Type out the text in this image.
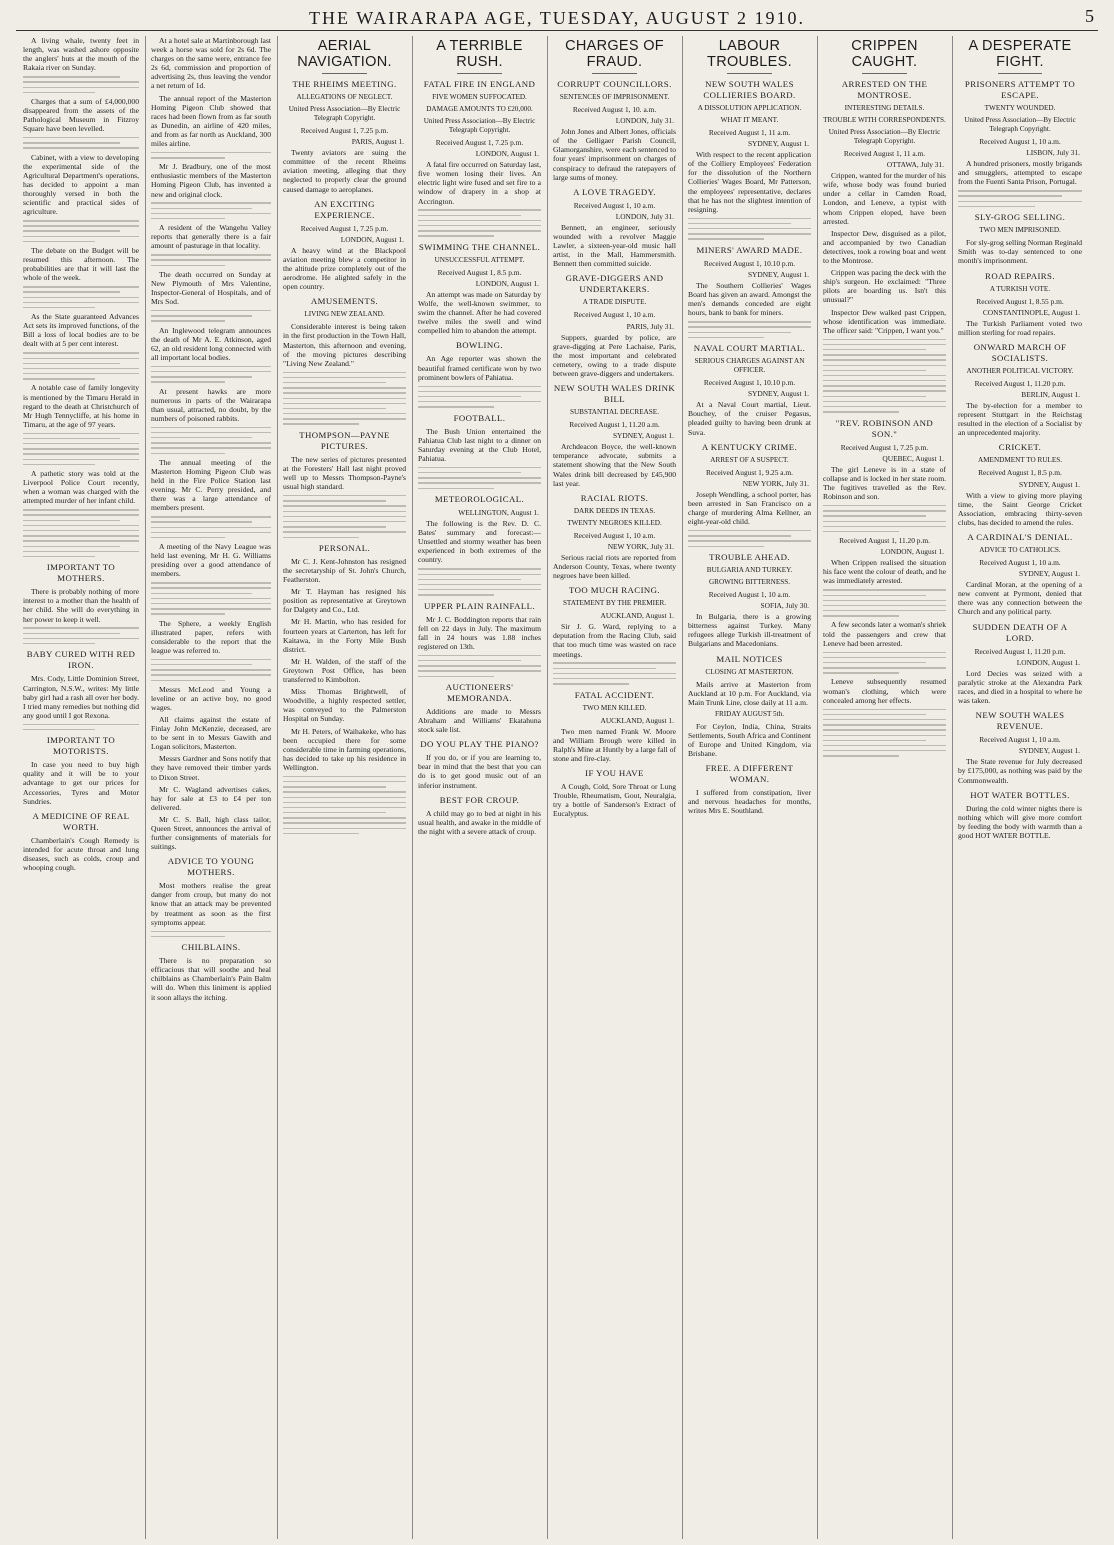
THE WAIRARAPA AGE, TUESDAY, AUGUST 2 1910.	5

A living whale, twenty feet in length, was washed ashore opposite the anglers' huts at the mouth of the Rakaia river on Sunday.

Charges that a sum of £4,000,000 disappeared from the assets of the Pathological Museum in Fitzroy Square have been levelled.

Cabinet, with a view to developing the experimental side of the Agricultural Department's operations, has decided to appoint a man thoroughly versed in both the scientific and practical sides of agriculture.

The debate on the Budget will be resumed this afternoon. The probabilities are that it will last the whole of the week.

As the State guaranteed Advances Act sets its improved functions, of the Bill a loss of local bodies are to be dealt with at 5 per cent interest.

A notable case of family longevity is mentioned by the Timaru Herald in regard to the death at Christchurch of Mr Hugh Tennycliffe, at his home in Timaru, at the age of 97 years.

A pathetic story was told at the Liverpool Police Court recently, when a woman was charged with the attempted murder of her infant child.

IMPORTANT TO MOTHERS.

There is probably nothing of more interest to a mother than the health of her child. She will do everything in her power to keep it well.

BABY CURED WITH RED IRON.

Mrs. Cody, Little Dominion Street, Carrington, N.S.W., writes: My little baby girl had a rash all over her body. I tried many remedies but nothing did any good until I got Rexona.

IMPORTANT TO MOTORISTS.

In case you need to buy high quality and it will be to your advantage to get our prices for Accessories, Tyres and Motor Sundries.

A MEDICINE OF REAL WORTH.

Chamberlain's Cough Remedy is intended for acute throat and lung diseases, such as colds, croup and whooping cough.

At a hotel sale at Martinborough last week a horse was sold for 2s 6d. The charges on the same were, entrance fee 2s 6d, commission and proportion of advertising 2s, thus leaving the vendor a net return of 1d.

The annual report of the Masterton Homing Pigeon Club showed that races had been flown from as far south as Dunedin, an airline of 420 miles, and from as far north as Auckland, 300 miles airline.

Mr J. Bradbury, one of the most enthusiastic members of the Masterton Homing Pigeon Club, has invented a new and original clock.

A resident of the Wangehu Valley reports that generally there is a fair amount of pasturage in that locality.

The death occurred on Sunday at New Plymouth of Mrs Valentine, Inspector-General of Hospitals, and of Mrs Sod.

An Inglewood telegram announces the death of Mr A. E. Atkinson, aged 62, an old resident long connected with all important local bodies.

At present hawks are more numerous in parts of the Wairarapa than usual, attracted, no doubt, by the numbers of poisoned rabbits.

The annual meeting of the Masterton Homing Pigeon Club was held in the Fire Police Station last evening. Mr C. Perry presided, and there was a large attendance of members present.

A meeting of the Navy League was held last evening, Mr H. G. Williams presiding over a good attendance of members.

The Sphere, a weekly English illustrated paper, refers with considerable to the report that the league was referred to.

Messrs McLeod and Young a leveline or an active boy, no good wages.

All claims against the estate of Finlay John McKenzie, deceased, are to be sent in to Messrs Gawith and Logan solicitors, Masterton.

Messrs Gardner and Sons notify that they have removed their timber yards to Dixon Street.

Mr C. Wagland advertises cakes, hay for sale at £3 to £4 per ton delivered.

Mr C. S. Ball, high class tailor, Queen Street, announces the arrival of further consignments of materials for suitings.

ADVICE TO YOUNG MOTHERS.

Most mothers realise the great danger from croup, but many do not know that an attack may be prevented by treatment as soon as the first symptoms appear.

CHILBLAINS.

There is no preparation so efficacious that will soothe and heal chilblains as Chamberlain's Pain Balm will do. When this liniment is applied it soon allays the itching.

AERIAL NAVIGATION.
THE RHEIMS MEETING.
ALLEGATIONS OF NEGLECT.
United Press Association—By Electric Telegraph Copyright.
Received August 1, 7.25 p.m.
PARIS, August 1.

Twenty aviators are suing the committee of the recent Rheims aviation meeting, alleging that they neglected to properly clear the ground caused damage to aeroplanes.

AN EXCITING EXPERIENCE.
Received August 1, 7.25 p.m.
LONDON, August 1.

A heavy wind at the Blackpool aviation meeting blew a competitor in the altitude prize completely out of the aerodrome. He alighted safely in the open country.

AMUSEMENTS.
LIVING NEW ZEALAND.

Considerable interest is being taken in the first production in the Town Hall, Masterton, this afternoon and evening, of the moving pictures describing "Living New Zealand."

THOMPSON—PAYNE PICTURES.

The new series of pictures presented at the Foresters' Hall last night proved well up to Messrs Thompson-Payne's usual high standard.

PERSONAL.

Mr C. J. Kent-Johnston has resigned the secretaryship of St. John's Church, Featherston.

Mr T. Hayman has resigned his position as representative at Greytown for Dalgety and Co., Ltd.

Mr H. Martin, who has resided for fourteen years at Carterton, has left for Kaitawa, in the Forty Mile Bush district.

Mr H. Walden, of the staff of the Greytown Post Office, has been transferred to Kimbolton.

Miss Thomas Brightwell, of Woodville, a highly respected settler, was conveyed to the Palmerston Hospital on Sunday.

Mr H. Peters, of Waihakeke, who has been occupied there for some considerable time in farming operations, has decided to take up his residence in Wellington.

A TERRIBLE RUSH.
FATAL FIRE IN ENGLAND
FIVE WOMEN SUFFOCATED.
DAMAGE AMOUNTS TO £20,000.
United Press Association—By Electric Telegraph Copyright.
Received August 1, 7.25 p.m.
LONDON, August 1.

A fatal fire occurred on Saturday last, five women losing their lives. An electric light wire fused and set fire to a window of drapery in a shop at Accrington.

SWIMMING THE CHANNEL.
UNSUCCESSFUL ATTEMPT.
Received August 1, 8.5 p.m.
LONDON, August 1.

An attempt was made on Saturday by Wolfe, the well-known swimmer, to swim the channel. After he had covered twelve miles the swell and wind compelled him to abandon the attempt.

BOWLING.

An Age reporter was shown the beautiful framed certificate won by two prominent bowlers of Pahiatua.

FOOTBALL.

The Bush Union entertained the Pahiatua Club last night to a dinner on Saturday evening at the Club Hotel, Pahiatua.

METEOROLOGICAL.
WELLINGTON, August 1.

The following is the Rev. D. C. Bates' summary and forecast:—Unsettled and stormy weather has been experienced in both extremes of the country.

UPPER PLAIN RAINFALL.

Mr J. C. Boddington reports that rain fell on 22 days in July. The maximum fall in 24 hours was 1.88 inches registered on 13th.

AUCTIONEERS' MEMORANDA.

Additions are made to Messrs Abraham and Williams' Ekatahuna stock sale list.

DO YOU PLAY THE PIANO?

If you do, or if you are learning to, bear in mind that the best that you can do is to get good music out of an inferior instrument.

BEST FOR CROUP.

A child may go to bed at night in his usual health, and awake in the middle of the night with a severe attack of croup.

CHARGES OF FRAUD.
CORRUPT COUNCILLORS.
SENTENCES OF IMPRISONMENT.
Received August 1, 10. a.m.
LONDON, July 31.

John Jones and Albert Jones, officials of the Gelligaer Parish Council, Glamorganshire, were each sentenced to four years' imprisonment on charges of conspiracy to defraud the ratepayers of large sums of money.

A LOVE TRAGEDY.
Received August 1, 10 a.m.
LONDON, July 31.

Bennett, an engineer, seriously wounded with a revolver Maggie Lawler, a sixteen-year-old music hall artist, in the Mall, Hammersmith. Bennett then committed suicide.

GRAVE-DIGGERS AND UNDERTAKERS.
A TRADE DISPUTE.
Received August 1, 10 a.m.
PARIS, July 31.

Suppers, guarded by police, are grave-digging at Pere Lachaise, Paris, the most important and celebrated cemetery, owing to a trade dispute between grave-diggers and undertakers.

NEW SOUTH WALES DRINK BILL
SUBSTANTIAL DECREASE.
Received August 1, 11.20 a.m.
SYDNEY, August 1.

Archdeacon Boyce, the well-known temperance advocate, submits a statement showing that the New South Wales drink bill decreased by £45,900 last year.

RACIAL RIOTS.
DARK DEEDS IN TEXAS.
TWENTY NEGROES KILLED.
Received August 1, 10 a.m.
NEW YORK, July 31.

Serious racial riots are reported from Anderson County, Texas, where twenty negroes have been killed.

TOO MUCH RACING.
STATEMENT BY THE PREMIER.
AUCKLAND, August 1.

Sir J. G. Ward, replying to a deputation from the Racing Club, said that too much time was wasted on race meetings.

FATAL ACCIDENT.
TWO MEN KILLED.
AUCKLAND, August 1.

Two men named Frank W. Moore and William Brough were killed in Ralph's Mine at Huntly by a large fall of stone and fire-clay.

IF YOU HAVE

A Cough, Cold, Sore Throat or Lung Trouble, Rheumatism, Gout, Neuralgia, try a bottle of Sanderson's Extract of Eucalyptus.

LABOUR TROUBLES.
NEW SOUTH WALES COLLIERIES BOARD.
A DISSOLUTION APPLICATION.
WHAT IT MEANT.
Received August 1, 11 a.m.
SYDNEY, August 1.

With respect to the recent application of the Colliery Employees' Federation for the dissolution of the Northern Collieries' Wages Board, Mr Patterson, the employees' representative, declares that he has not the slightest intention of resigning.

MINERS' AWARD MADE.
Received August 1, 10.10 p.m.
SYDNEY, August 1.

The Southern Collieries' Wages Board has given an award. Amongst the men's demands conceded are eight hours, bank to bank for miners.

NAVAL COURT MARTIAL.
SERIOUS CHARGES AGAINST AN OFFICER.
Received August 1, 10.10 p.m.
SYDNEY, August 1.

At a Naval Court martial, Lieut. Bouchey, of the cruiser Pegasus, pleaded guilty to having been drunk at Suva.

A KENTUCKY CRIME.
ARREST OF A SUSPECT.
Received August 1, 9.25 a.m.
NEW YORK, July 31.

Joseph Wendling, a school porter, has been arrested in San Francisco on a charge of murdering Alma Kellner, an eight-year-old child.

TROUBLE AHEAD.
BULGARIA AND TURKEY.
GROWING BITTERNESS.
Received August 1, 10 a.m.
SOFIA, July 30.

In Bulgaria, there is a growing bitterness against Turkey. Many refugees allege Turkish ill-treatment of Bulgarians and Macedonians.

MAIL NOTICES
CLOSING AT MASTERTON.

Mails arrive at Masterton from Auckland at 10 p.m. For Auckland, via Main Trunk Line, close daily at 11 a.m.

FRIDAY AUGUST 5th.

For Ceylon, India, China, Straits Settlements, South Africa and Continent of Europe and United Kingdom, via Brisbane.

FREE. A DIFFERENT WOMAN.

I suffered from constipation, liver and nervous headaches for months, writes Mrs E. Southland.

CRIPPEN CAUGHT.
ARRESTED ON THE MONTROSE.
INTERESTING DETAILS.
TROUBLE WITH CORRESPONDENTS.
United Press Association—By Electric Telegraph Copyright.
Received August 1, 11 a.m.
OTTAWA, July 31.

Crippen, wanted for the murder of his wife, whose body was found buried under a cellar in Camden Road, London, and Leneve, a typist with whom Crippen eloped, have been arrested.

Inspector Dew, disguised as a pilot, and accompanied by two Canadian detectives, took a rowing boat and went to the Montrose.

Crippen was pacing the deck with the ship's surgeon. He exclaimed: "Three pilots are boarding us. Isn't this unusual?"

Inspector Dew walked past Crippen, whose identification was immediate. The officer said: "Crippen, I want you."

"REV. ROBINSON AND SON."
Received August 1, 7.25 p.m.
QUEBEC, August 1.

The girl Leneve is in a state of collapse and is locked in her state room. The fugitives travelled as the Rev. Robinson and son.

Received August 1, 11.20 p.m.
LONDON, August 1.

When Crippen realised the situation his face went the colour of death, and he was immediately arrested.

A few seconds later a woman's shriek told the passengers and crew that Leneve had been arrested.

Leneve subsequently resumed woman's clothing, which were concealed among her effects.

A DESPERATE FIGHT.
PRISONERS ATTEMPT TO ESCAPE.
TWENTY WOUNDED.
United Press Association—By Electric Telegraph Copyright.
Received August 1, 10 a.m.
LISBON, July 31.

A hundred prisoners, mostly brigands and smugglers, attempted to escape from the Fuenti Santa Prison, Portugal.

SLY-GROG SELLING.
TWO MEN IMPRISONED.

For sly-grog selling Norman Reginald Smith was to-day sentenced to one month's imprisonment.

ROAD REPAIRS.
A TURKISH VOTE.
Received August 1, 8.55 p.m.
CONSTANTINOPLE, August 1.

The Turkish Parliament voted two million sterling for road repairs.

ONWARD MARCH OF SOCIALISTS.
ANOTHER POLITICAL VICTORY.
Received August 1, 11.20 p.m.
BERLIN, August 1.

The by-election for a member to represent Stuttgart in the Reichstag resulted in the election of a Socialist by an unprecedented majority.

CRICKET.
AMENDMENT TO RULES.
Received August 1, 8.5 p.m.
SYDNEY, August 1.

With a view to giving more playing time, the Saint George Cricket Association, embracing thirty-seven clubs, has decided to amend the rules.

A CARDINAL'S DENIAL.
ADVICE TO CATHOLICS.
Received August 1, 10 a.m.
SYDNEY, August 1.

Cardinal Moran, at the opening of a new convent at Pyrmont, denied that there was any connection between the Church and any political party.

SUDDEN DEATH OF A LORD.
Received August 1, 11.20 p.m.
LONDON, August 1.

Lord Decies was seized with a paralytic stroke at the Alexandra Park races, and died in a hospital to where he was taken.

NEW SOUTH WALES REVENUE.
Received August 1, 10 a.m.
SYDNEY, August 1.

The State revenue for July decreased by £175,000, as nothing was paid by the Commonwealth.

HOT WATER BOTTLES.

During the cold winter nights there is nothing which will give more comfort by feeding the body with warmth than a good HOT WATER BOTTLE.
